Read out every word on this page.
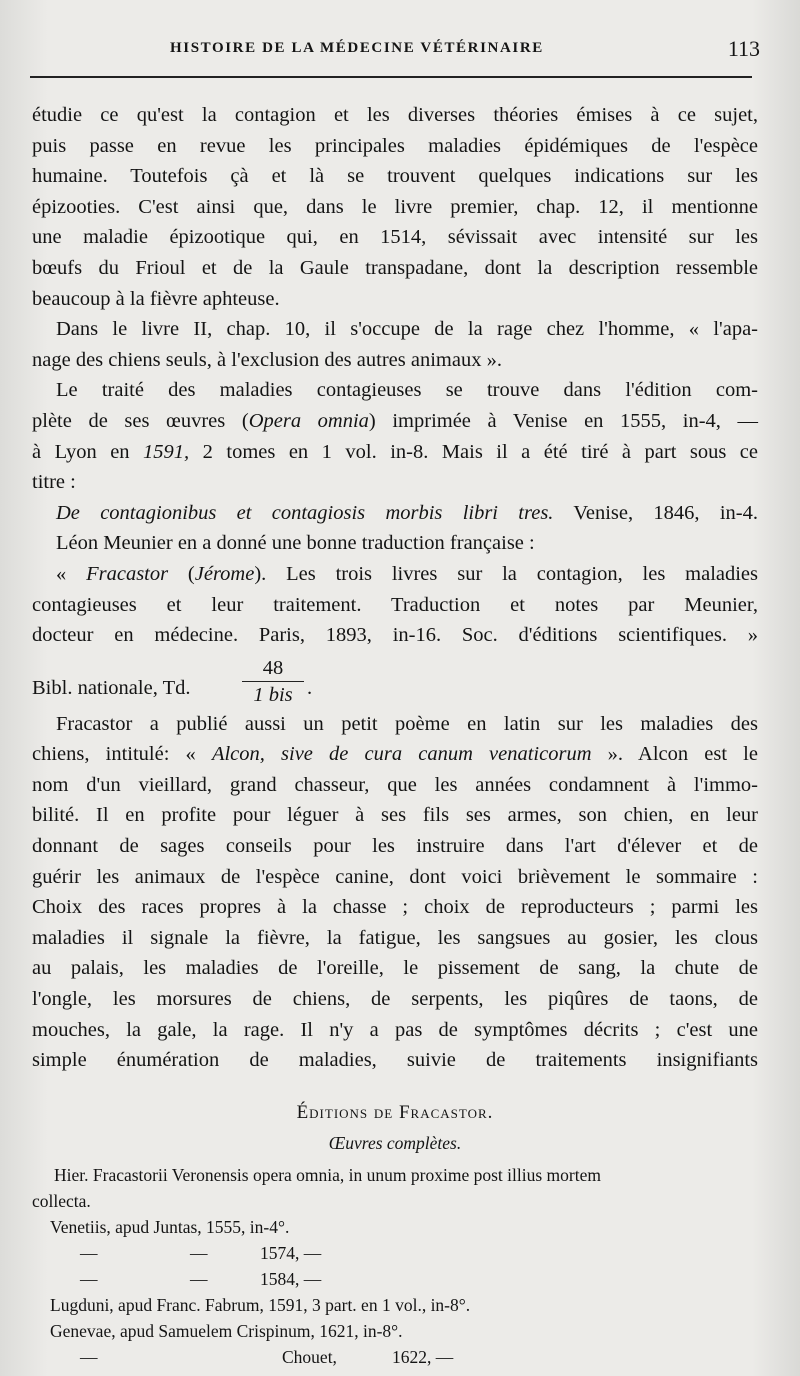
HISTOIRE DE LA MÉDECINE VÉTÉRINAIRE	113

étudie ce qu'est la contagion et les diverses théories émises à ce sujet,
puis passe en revue les principales maladies épidémiques de l'espèce
humaine. Toutefois çà et là se trouvent quelques indications sur les
épizooties. C'est ainsi que, dans le livre premier, chap. 12, il mentionne
une maladie épizootique qui, en 1514, sévissait avec intensité sur les
bœufs du Frioul et de la Gaule transpadane, dont la description ressemble
beaucoup à la fièvre aphteuse.

Dans le livre II, chap. 10, il s'occupe de la rage chez l'homme, « l'apa-
nage des chiens seuls, à l'exclusion des autres animaux ».

Le traité des maladies contagieuses se trouve dans l'édition com-
plète de ses œuvres (Opera omnia) imprimée à Venise en 1555, in-4, —
à Lyon en 1591, 2 tomes en 1 vol. in-8. Mais il a été tiré à part sous ce
titre :

De contagionibus et contagiosis morbis libri tres. Venise, 1846, in-4.

Léon Meunier en a donné une bonne traduction française :

« Fracastor (Jérome). Les trois livres sur la contagion, les maladies
contagieuses et leur traitement. Traduction et notes par Meunier,
docteur en médecine. Paris, 1893, in-16. Soc. d'éditions scientifiques. »

Bibl. nationale, Td.
48
1 bis .

Fracastor a publié aussi un petit poème en latin sur les maladies des
chiens, intitulé: « Alcon, sive de cura canum venaticorum ». Alcon est le
nom d'un vieillard, grand chasseur, que les années condamnent à l'immo-
bilité. Il en profite pour léguer à ses fils ses armes, son chien, en leur
donnant de sages conseils pour les instruire dans l'art d'élever et de
guérir les animaux de l'espèce canine, dont voici brièvement le sommaire :
Choix des races propres à la chasse ; choix de reproducteurs ; parmi les
maladies il signale la fièvre, la fatigue, les sangsues au gosier, les clous
au palais, les maladies de l'oreille, le pissement de sang, la chute de
l'ongle, les morsures de chiens, de serpents, les piqûres de taons, de
mouches, la gale, la rage. Il n'y a pas de symptômes décrits ; c'est une
simple énumération de maladies, suivie de traitements insignifiants

Éditions de Fracastor.
Œuvres complètes.
Hier. Fracastorii Veronensis opera omnia, in unum proxime post illius mortem
collecta.
Venetiis, apud Juntas, 1555, in-4°.
—	—	1574, —
—	—	1584, —
Lugduni, apud Franc. Fabrum, 1591, 3 part. en 1 vol., in-8°.
Genevae, apud Samuelem Crispinum, 1621, in-8°.
—	Chouet,	1622, —
